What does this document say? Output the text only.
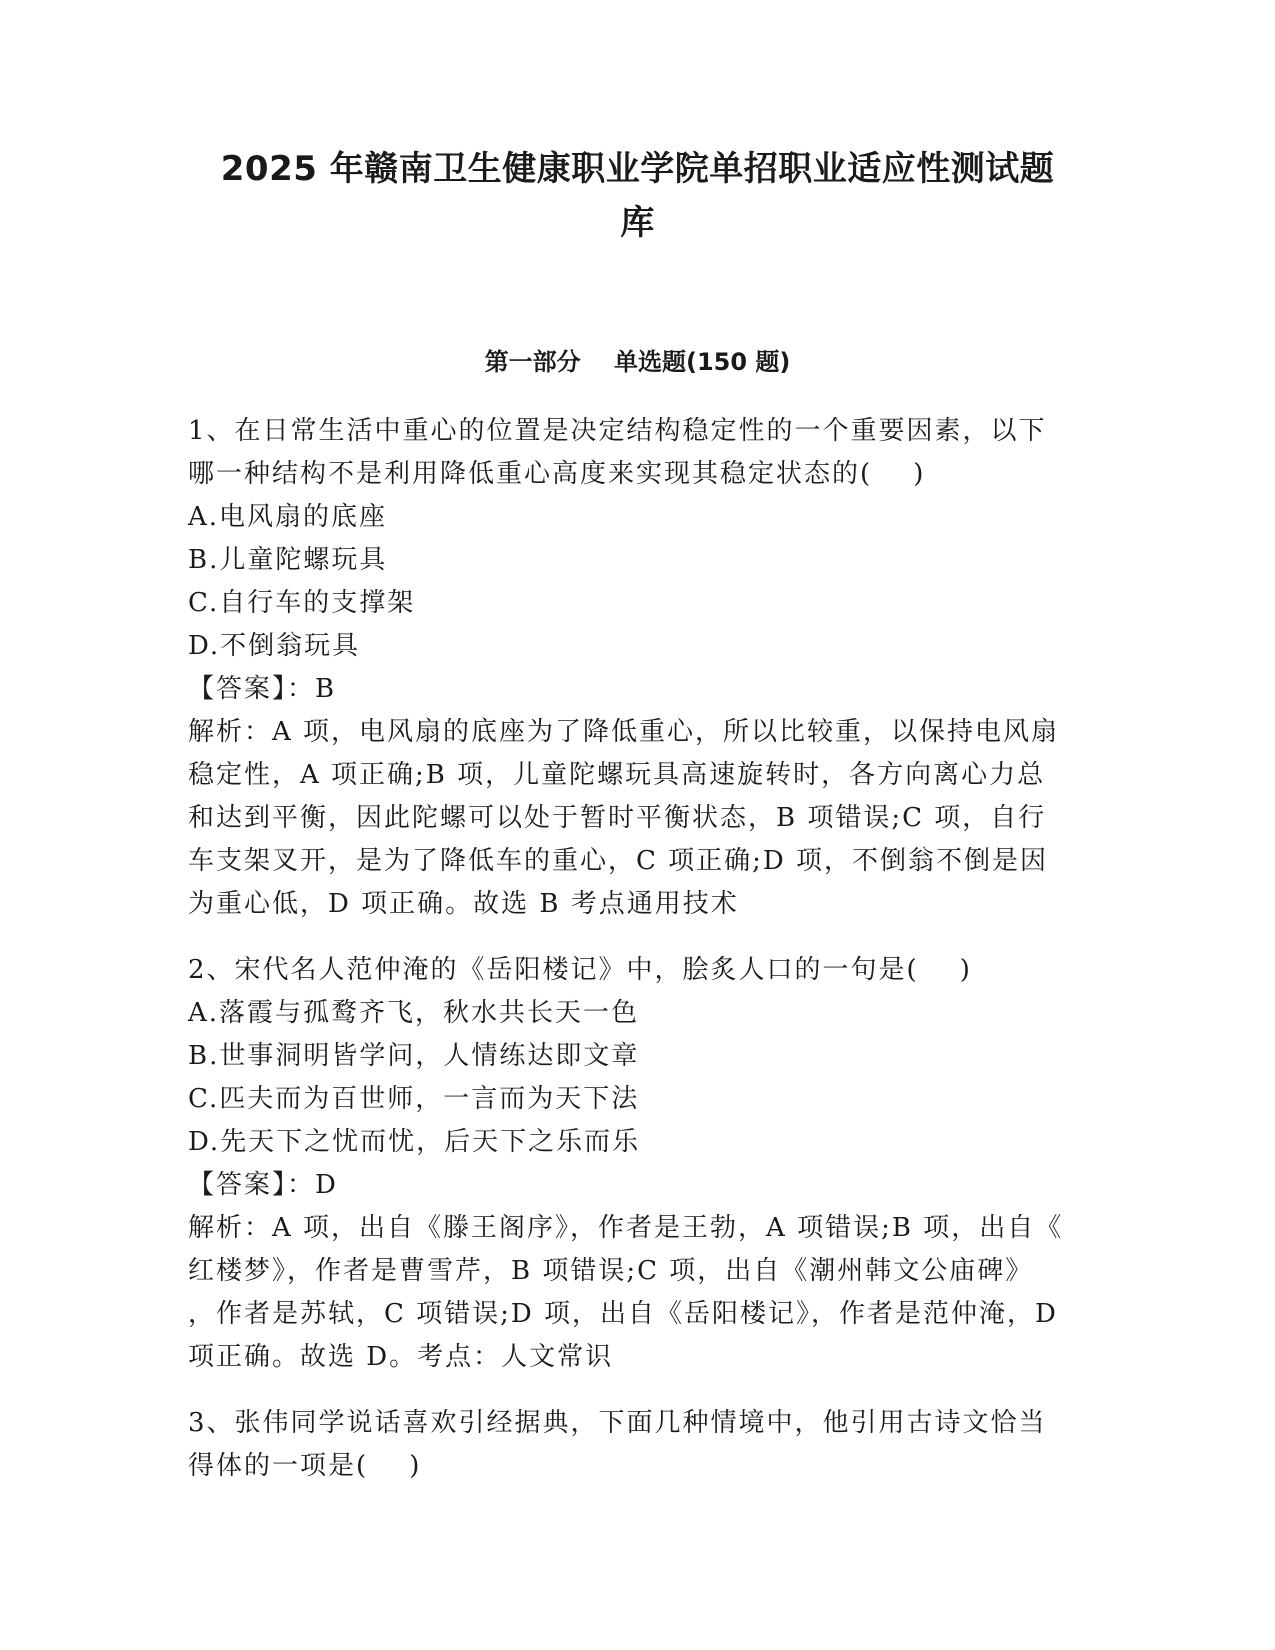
2025 年赣南卫生健康职业学院单招职业适应性测试题
库
第一部分    单选题(150 题)

1、在日常生活中重心的位置是决定结构稳定性的一个重要因素，以下

哪一种结构不是利用降低重心高度来实现其稳定状态的(    )

A.电风扇的底座

B.儿童陀螺玩具

C.自行车的支撑架

D.不倒翁玩具

【答案】：B

解析：A 项，电风扇的底座为了降低重心，所以比较重，以保持电风扇

稳定性，A 项正确;B 项，儿童陀螺玩具高速旋转时，各方向离心力总

和达到平衡，因此陀螺可以处于暂时平衡状态，B 项错误;C 项，自行

车支架叉开，是为了降低车的重心，C 项正确;D 项，不倒翁不倒是因

为重心低，D 项正确。故选 B 考点通用技术

2、宋代名人范仲淹的《岳阳楼记》中，脍炙人口的一句是(    )

A.落霞与孤鹜齐飞，秋水共长天一色

B.世事洞明皆学问，人情练达即文章

C.匹夫而为百世师，一言而为天下法

D.先天下之忧而忧，后天下之乐而乐

【答案】：D

解析：A 项，出自《滕王阁序》，作者是王勃，A 项错误;B 项，出自《

红楼梦》，作者是曹雪芹，B 项错误;C 项，出自《潮州韩文公庙碑》

，作者是苏轼，C 项错误;D 项，出自《岳阳楼记》，作者是范仲淹，D

项正确。故选 D。考点：人文常识

3、张伟同学说话喜欢引经据典，下面几种情境中，他引用古诗文恰当

得体的一项是(    )
